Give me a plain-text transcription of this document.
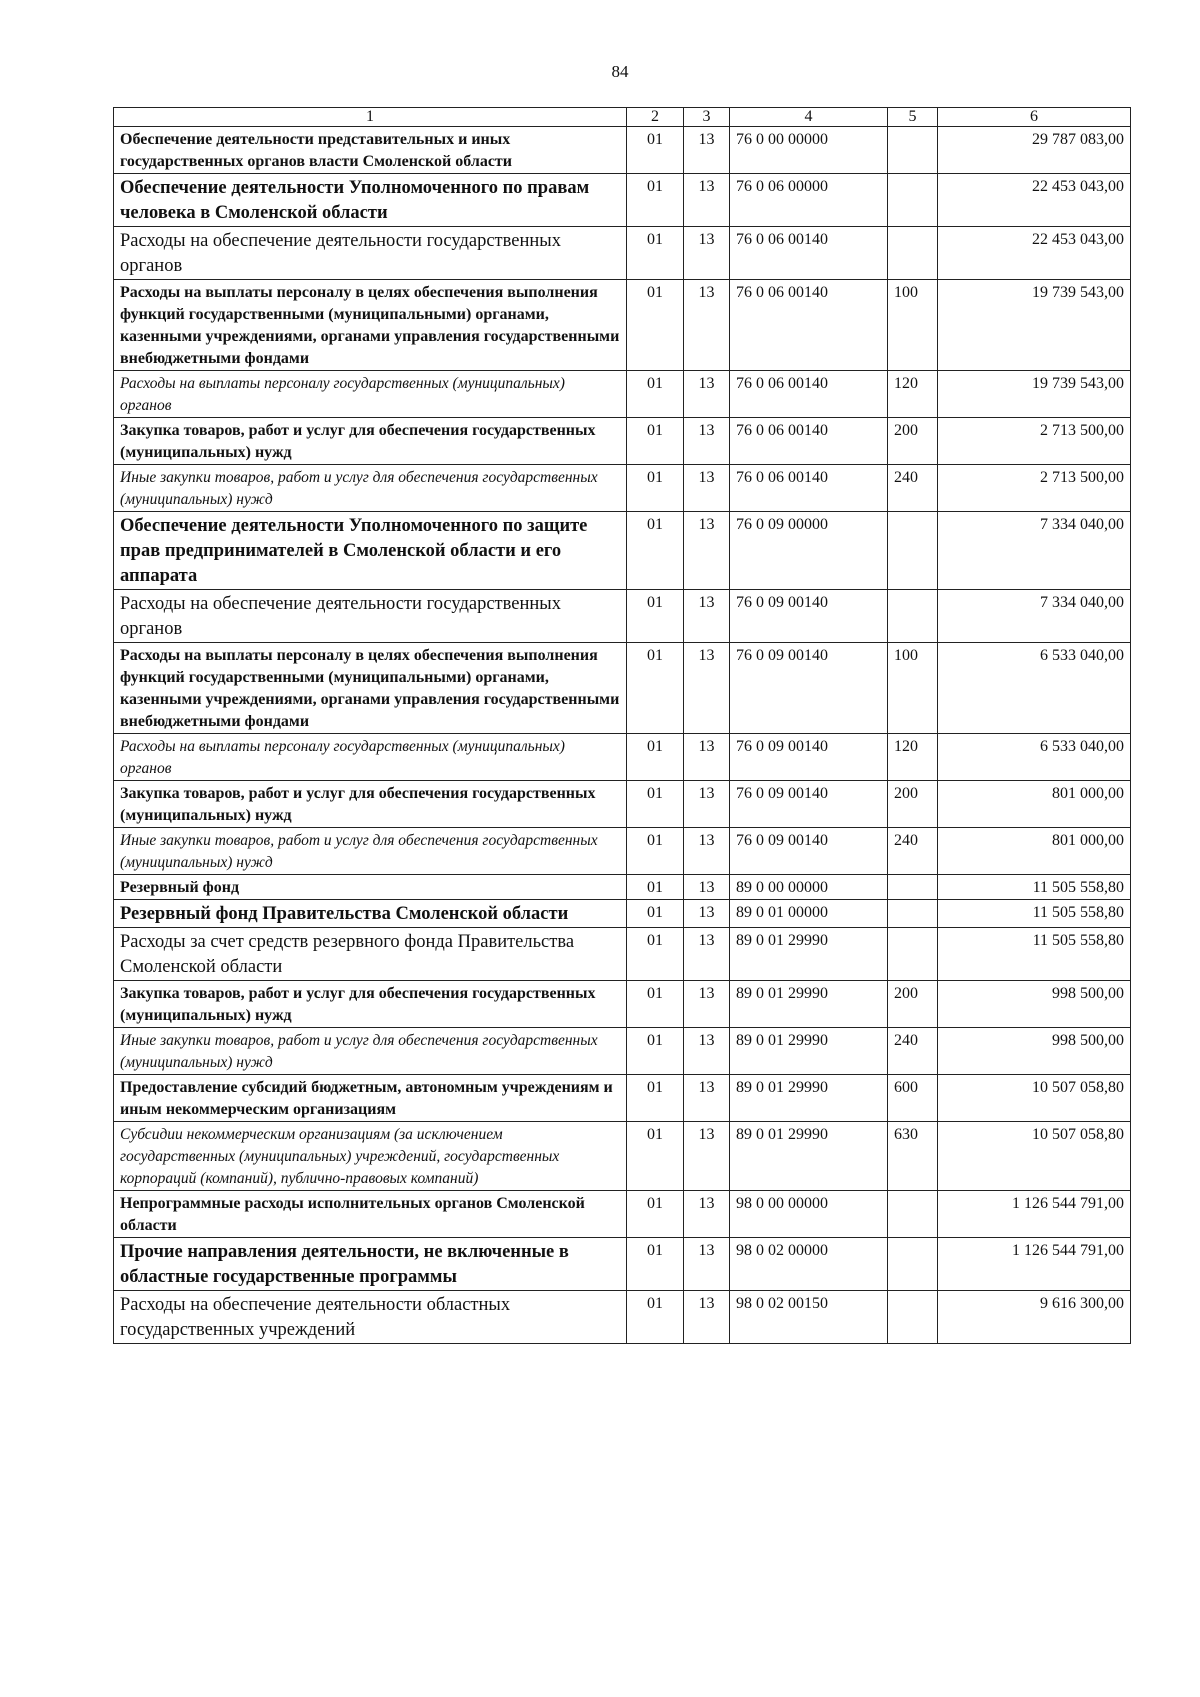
84
1	2	3	4	5	6
Обеспечение деятельности представительных и иных государственных органов власти Смоленской области	01	13	76 0 00 00000		29 787 083,00
Обеспечение деятельности Уполномоченного по правам человека в Смоленской области	01	13	76 0 06 00000		22 453 043,00
Расходы на обеспечение деятельности государственных органов	01	13	76 0 06 00140		22 453 043,00
Расходы на выплаты персоналу в целях обеспечения выполнения функций государственными (муниципальными) органами, казенными учреждениями, органами управления государственными внебюджетными фондами	01	13	76 0 06 00140	100	19 739 543,00
Расходы на выплаты персоналу государственных (муниципальных) органов	01	13	76 0 06 00140	120	19 739 543,00
Закупка товаров, работ и услуг для обеспечения государственных (муниципальных) нужд	01	13	76 0 06 00140	200	2 713 500,00
Иные закупки товаров, работ и услуг для обеспечения государственных (муниципальных) нужд	01	13	76 0 06 00140	240	2 713 500,00
Обеспечение деятельности Уполномоченного по защите прав предпринимателей в Смоленской области и его аппарата	01	13	76 0 09 00000		7 334 040,00
Расходы на обеспечение деятельности государственных органов	01	13	76 0 09 00140		7 334 040,00
Расходы на выплаты персоналу в целях обеспечения выполнения функций государственными (муниципальными) органами, казенными учреждениями, органами управления государственными внебюджетными фондами	01	13	76 0 09 00140	100	6 533 040,00
Расходы на выплаты персоналу государственных (муниципальных) органов	01	13	76 0 09 00140	120	6 533 040,00
Закупка товаров, работ и услуг для обеспечения государственных (муниципальных) нужд	01	13	76 0 09 00140	200	801 000,00
Иные закупки товаров, работ и услуг для обеспечения государственных (муниципальных) нужд	01	13	76 0 09 00140	240	801 000,00
Резервный фонд	01	13	89 0 00 00000		11 505 558,80
Резервный фонд Правительства Смоленской области	01	13	89 0 01 00000		11 505 558,80
Расходы за счет средств резервного фонда Правительства Смоленской области	01	13	89 0 01 29990		11 505 558,80
Закупка товаров, работ и услуг для обеспечения государственных (муниципальных) нужд	01	13	89 0 01 29990	200	998 500,00
Иные закупки товаров, работ и услуг для обеспечения государственных (муниципальных) нужд	01	13	89 0 01 29990	240	998 500,00
Предоставление субсидий бюджетным, автономным учреждениям и иным некоммерческим организациям	01	13	89 0 01 29990	600	10 507 058,80
Субсидии некоммерческим организациям (за исключением государственных (муниципальных) учреждений, государственных корпораций (компаний), публично-правовых компаний)	01	13	89 0 01 29990	630	10 507 058,80
Непрограммные расходы исполнительных органов Смоленской области	01	13	98 0 00 00000		1 126 544 791,00
Прочие направления деятельности, не включенные в областные государственные программы	01	13	98 0 02 00000		1 126 544 791,00
Расходы на обеспечение деятельности областных государственных учреждений	01	13	98 0 02 00150		9 616 300,00
